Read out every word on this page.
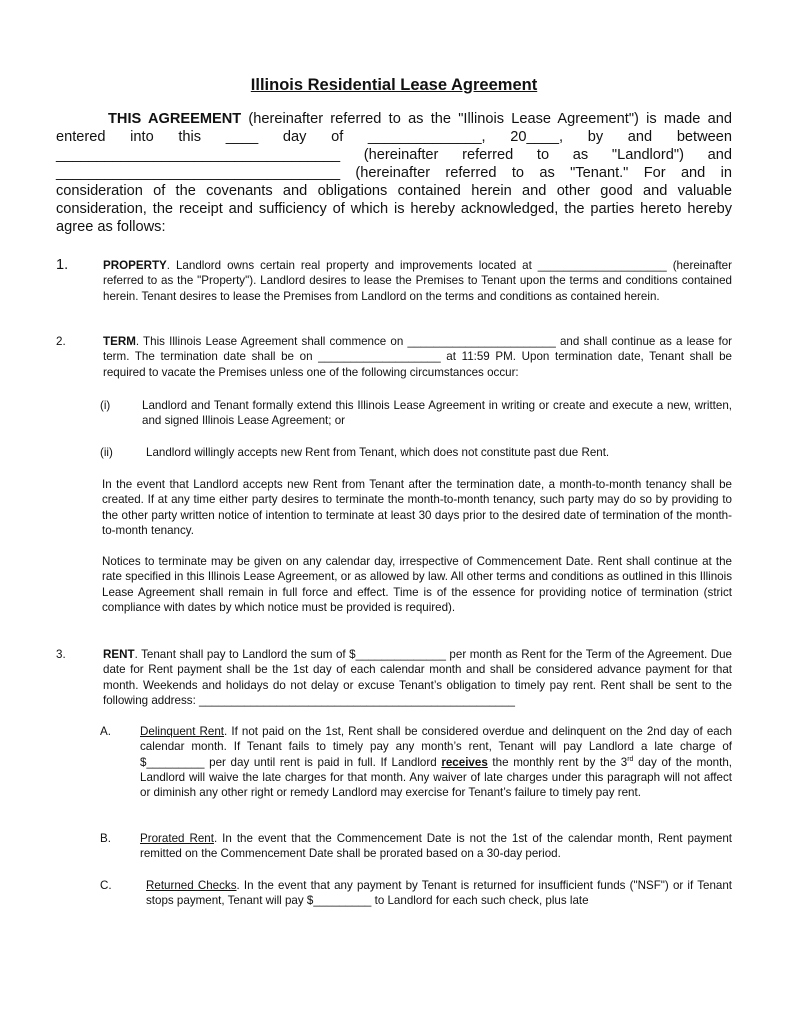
Illinois Residential Lease Agreement
THIS AGREEMENT (hereinafter referred to as the "Illinois Lease Agreement") is made and entered into this ____ day of ______________, 20____, by and between ___________________________________ (hereinafter referred to as "Landlord") and ___________________________________ (hereinafter referred to as "Tenant." For and in consideration of the covenants and obligations contained herein and other good and valuable consideration, the receipt and sufficiency of which is hereby acknowledged, the parties hereto hereby agree as follows:
1.	PROPERTY. Landlord owns certain real property and improvements located at ____________________ (hereinafter referred to as the "Property"). Landlord desires to lease the Premises to Tenant upon the terms and conditions contained herein. Tenant desires to lease the Premises from Landlord on the terms and conditions as contained herein.
2.	TERM. This Illinois Lease Agreement shall commence on _______________________ and shall continue as a lease for term. The termination date shall be on ___________________ at 11:59 PM. Upon termination date, Tenant shall be required to vacate the Premises unless one of the following circumstances occur:
(i)	Landlord and Tenant formally extend this Illinois Lease Agreement in writing or create and execute a new, written, and signed Illinois Lease Agreement; or
(ii)	Landlord willingly accepts new Rent from Tenant, which does not constitute past due Rent.
In the event that Landlord accepts new Rent from Tenant after the termination date, a month-to-month tenancy shall be created. If at any time either party desires to terminate the month-to-month tenancy, such party may do so by providing to the other party written notice of intention to terminate at least 30 days prior to the desired date of termination of the month-to-month tenancy.
Notices to terminate may be given on any calendar day, irrespective of Commencement Date. Rent shall continue at the rate specified in this Illinois Lease Agreement, or as allowed by law. All other terms and conditions as outlined in this Illinois Lease Agreement shall remain in full force and effect. Time is of the essence for providing notice of termination (strict compliance with dates by which notice must be provided is required).
3.	RENT. Tenant shall pay to Landlord the sum of $______________ per month as Rent for the Term of the Agreement. Due date for Rent payment shall be the 1st day of each calendar month and shall be considered advance payment for that month. Weekends and holidays do not delay or excuse Tenant’s obligation to timely pay rent. Rent shall be sent to the following address: _________________________________________________
A.	Delinquent Rent. If not paid on the 1st, Rent shall be considered overdue and delinquent on the 2nd day of each calendar month. If Tenant fails to timely pay any month’s rent, Tenant will pay Landlord a late charge of $_________ per day until rent is paid in full. If Landlord receives the monthly rent by the 3rd day of the month, Landlord will waive the late charges for that month. Any waiver of late charges under this paragraph will not affect or diminish any other right or remedy Landlord may exercise for Tenant’s failure to timely pay rent.
B.	Prorated Rent. In the event that the Commencement Date is not the 1st of the calendar month, Rent payment remitted on the Commencement Date shall be prorated based on a 30-day period.
C.	Returned Checks. In the event that any payment by Tenant is returned for insufficient funds ("NSF") or if Tenant stops payment, Tenant will pay $_________ to Landlord for each such check, plus late
